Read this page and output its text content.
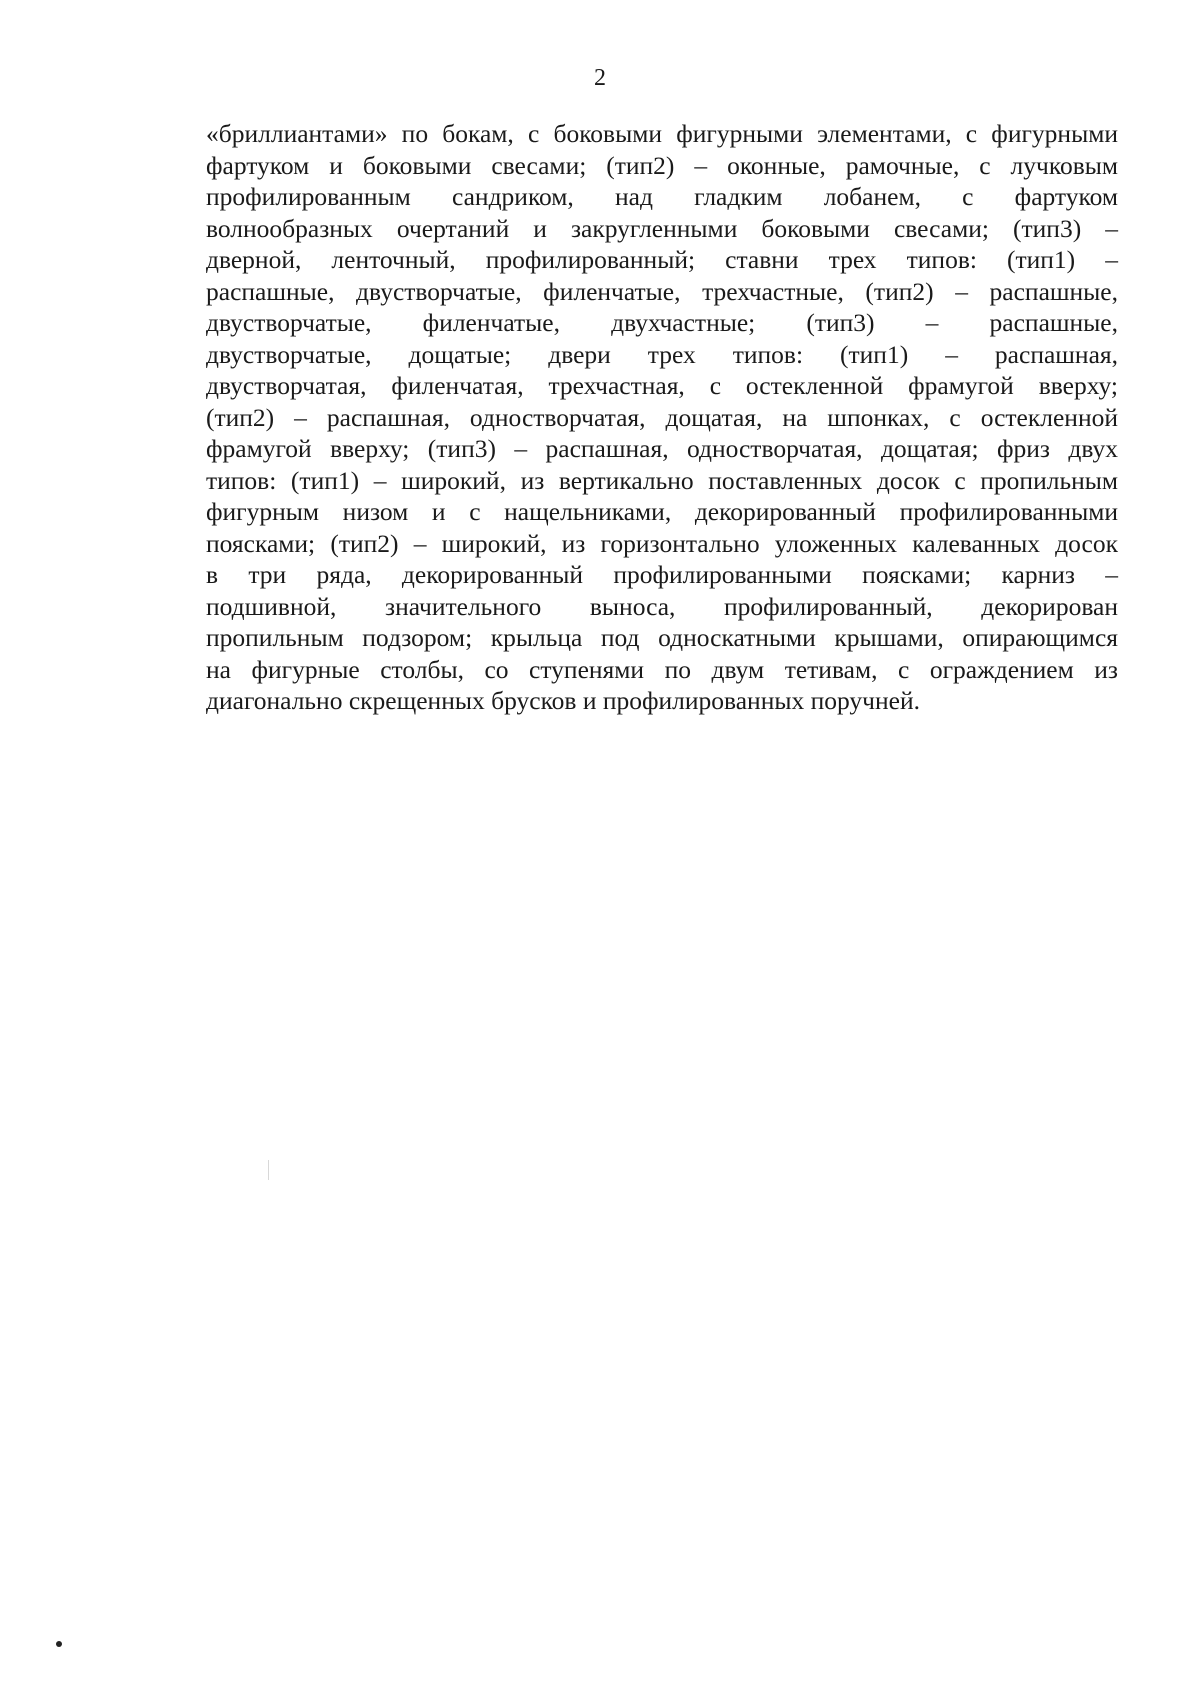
2
«бриллиантами» по бокам, с боковыми фигурными элементами, с фигурными
фартуком и боковыми свесами; (тип2) – оконные, рамочные, с лучковым
профилированным сандриком, над гладким лобанем, с фартуком
волнообразных очертаний и закругленными боковыми свесами; (тип3) –
дверной, ленточный, профилированный; ставни трех типов: (тип1) –
распашные, двустворчатые, филенчатые, трехчастные, (тип2) – распашные,
двустворчатые, филенчатые, двухчастные; (тип3) – распашные,
двустворчатые, дощатые; двери трех типов: (тип1) – распашная,
двустворчатая, филенчатая, трехчастная, с остекленной фрамугой вверху;
(тип2) – распашная, одностворчатая, дощатая, на шпонках, с остекленной
фрамугой вверху; (тип3) – распашная, одностворчатая, дощатая; фриз двух
типов: (тип1) – широкий, из вертикально поставленных досок с пропильным
фигурным низом и с нащельниками, декорированный профилированными
поясками; (тип2) – широкий, из горизонтально уложенных калеванных досок
в три ряда, декорированный профилированными поясками; карниз –
подшивной, значительного выноса, профилированный, декорирован
пропильным подзором; крыльца под односкатными крышами, опирающимся
на фигурные столбы, со ступенями по двум тетивам, с ограждением из
диагонально скрещенных брусков и профилированных поручней.
